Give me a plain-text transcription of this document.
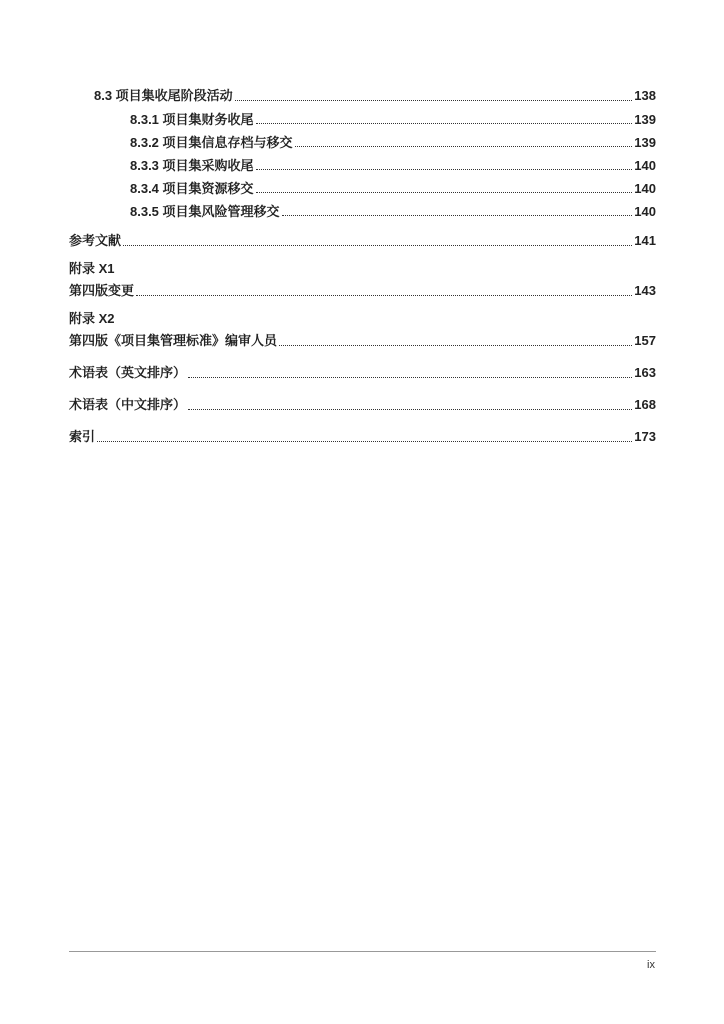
8.3 项目集收尾阶段活动	138
8.3.1 项目集财务收尾	139
8.3.2 项目集信息存档与移交	139
8.3.3 项目集采购收尾	140
8.3.4 项目集资源移交	140
8.3.5 项目集风险管理移交	140
参考文献	141
附录 X1
第四版变更	143
附录 X2
第四版《项目集管理标准》编审人员	157
术语表（英文排序）	163
术语表（中文排序）	168
索引	173
ix
